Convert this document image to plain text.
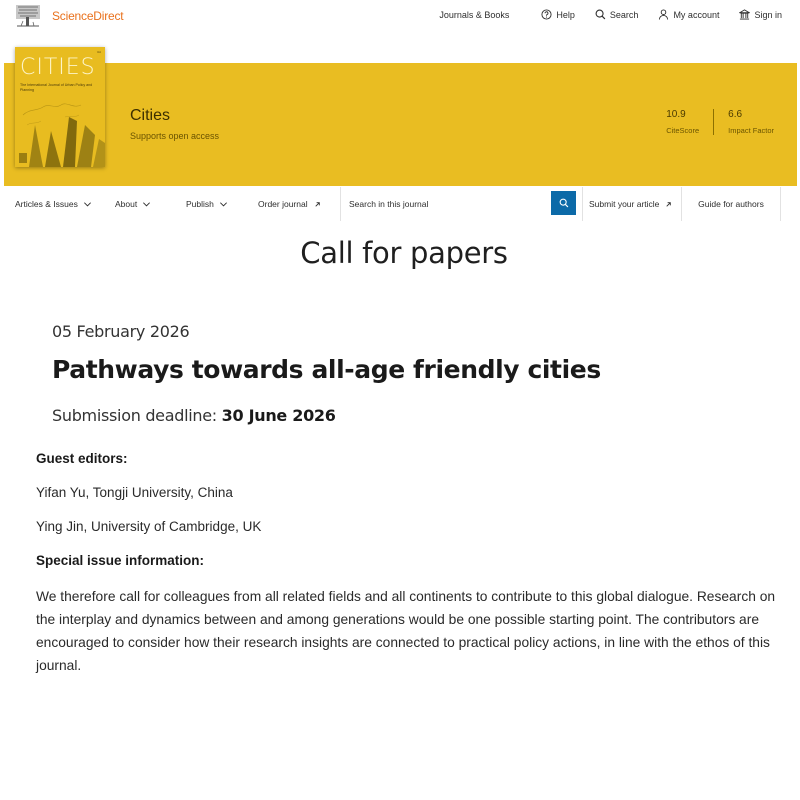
ScienceDirect	Journals & Books	Help	Search	My account	Sign in
Vol

CITIES
The International Journal of Urban Policy and Planning
Cities
Supports open access
10.9
CiteScore
6.6
Impact Factor
Articles & Issues	About	Publish	Order journal
Search in this journal	Submit your article	Guide for authors
Call for papers
05 February 2026
Pathways towards all-age friendly cities
Submission deadline: 30 June 2026
Guest editors:
Yifan Yu, Tongji University, China
Ying Jin, University of Cambridge, UK
Special issue information:

We therefore call for colleagues from all related fields and all continents to contribute to this global dialogue. Research on the interplay and dynamics between and among generations would be one possible starting point. The contributors are encouraged to consider how their research insights are connected to practical policy actions, in line with the ethos of this journal.
